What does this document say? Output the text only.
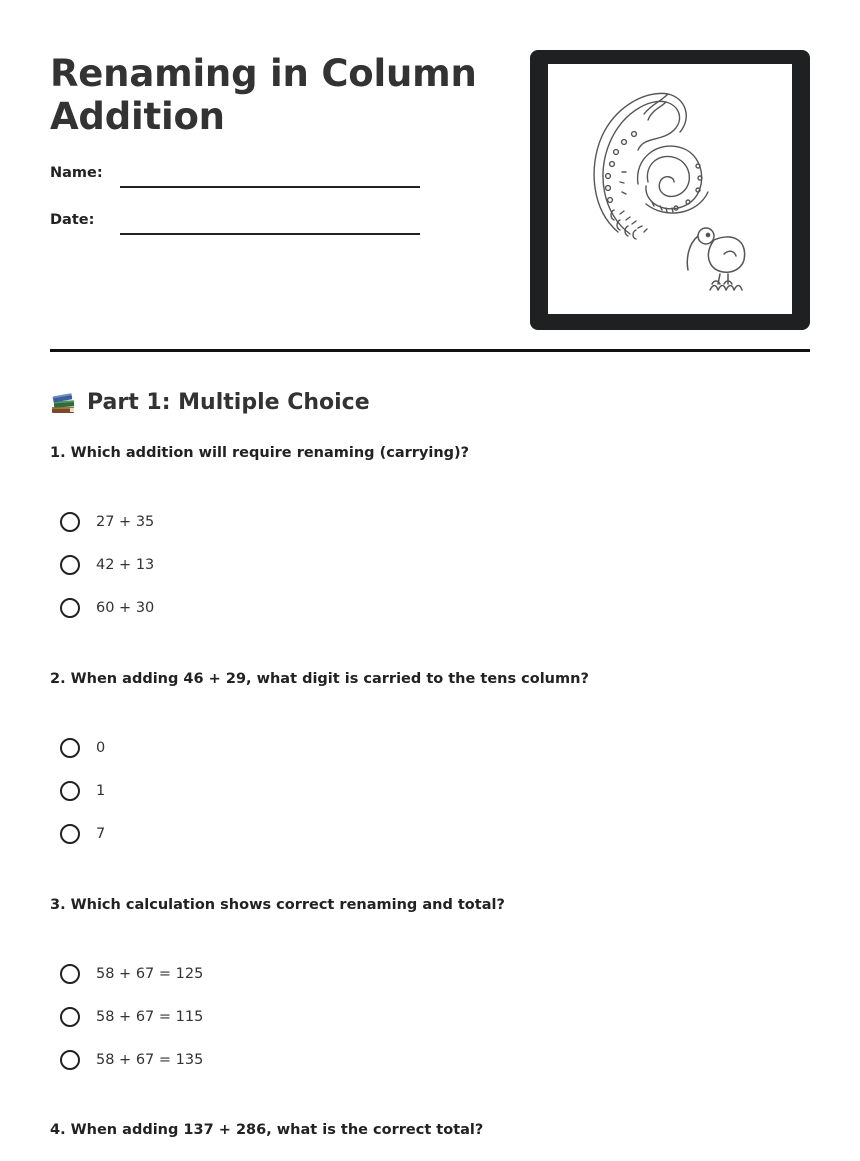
Renaming in Column Addition
Name:
Date:
Part 1: Multiple Choice
1. Which addition will require renaming (carrying)?
27 + 35
42 + 13
60 + 30
2. When adding 46 + 29, what digit is carried to the tens column?
0
1
7
3. Which calculation shows correct renaming and total?
58 + 67 = 125
58 + 67 = 115
58 + 67 = 135
4. When adding 137 + 286, what is the correct total?
